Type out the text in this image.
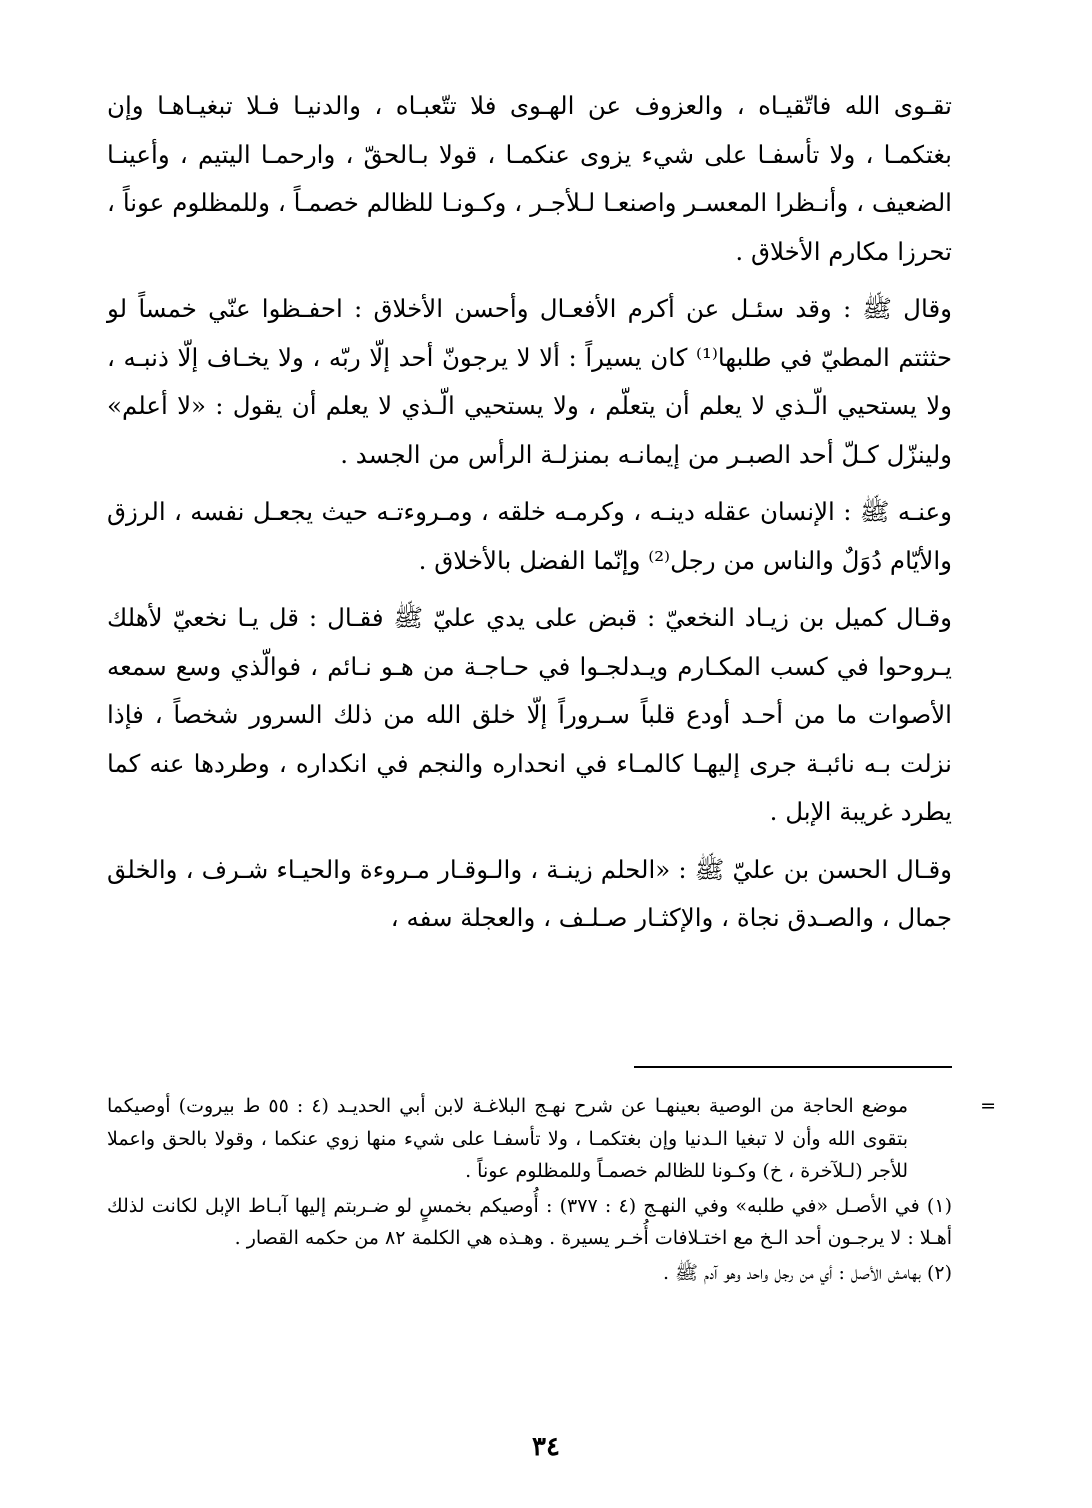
تقـوى الله فاتّقيـاه ، والعزوف عن الهـوى فلا تتّعبـاه ، والدنيـا فـلا تبغيـاهـا وإن بغتكمـا ، ولا تأسفـا على شيء يزوى عنكمـا ، قولا بـالحقّ ، وارحمـا اليتيم ، وأعينـا الضعيف ، وأنـظرا المعسـر واصنعـا لـلأجـر ، وكـونـا للظالم خصمـاً ، وللمظلوم عوناً ، تحرزا مكارم الأخلاق .

وقال ﷺ : وقد سئـل عن أكرم الأفعـال وأحسن الأخلاق : احفـظوا عنّي خمساً لو حثثتم المطيّ في طلبها⁽¹⁾ كان يسيراً : ألا لا يرجونّ أحد إلّا ربّه ، ولا يخـاف إلّا ذنبـه ، ولا يستحيي الّـذي لا يعلم أن يتعلّم ، ولا يستحيي الّـذي لا يعلم أن يقول : «لا أعلم» ولينزّل كـلّ أحد الصبـر من إيمانـه بمنزلـة الرأس من الجسد .

وعنـه ﷺ : الإنسان عقله دينـه ، وكرمـه خلقه ، ومـروءتـه حيث يجعـل نفسه ، الرزق والأيّام دُوَلٌ والناس من رجل⁽²⁾ وإنّما الفضل بالأخلاق .

وقـال كميل بن زيـاد النخعيّ : قبض على يدي عليّ ﷺ فقـال : قل يـا نخعيّ لأهلك يـروحوا في كسب المكـارم ويـدلجـوا في حـاجـة من هـو نـائم ، فوالّذي وسع سمعه الأصوات ما من أحـد أودع قلباً سـروراً إلّا خلق الله من ذلك السرور شخصاً ، فإذا نزلت بـه نائبـة جرى إليهـا كالمـاء في انحداره والنجم في انكداره ، وطردها عنه كما يطرد غريبة الإبل .

وقـال الحسن بن عليّ ﷺ : «الحلم زينـة ، والـوقـار مـروءة والحيـاء شـرف ، والخلق جمال ، والصـدق نجاة ، والإكثـار صـلـف ، والعجلة سفه ،

=
موضع الحاجة من الوصية بعينهـا عن شرح نهـج البلاغـة لابن أبي الحديـد (٤ : ٥٥ ط بيروت) أوصيكما بتقوى الله وأن لا تبغيا الـدنيا وإن بغتكمـا ، ولا تأسفـا على شيء منها زوي عنكما ، وقولا بالحق واعملا للأجر (لـلآخرة ، خ) وكـونا للظالم خصمـاً وللمظلوم عوناً .

(١) في الأصـل «في طلبه» وفي النهـج (٤ : ٣٧٧) : أُوصيكم بخمسٍ لو ضـربتم إليها آبـاط الإبل لكانت لذلك أهـلا : لا يرجـون أحد الـخ مع اختـلافات أُخـر يسيرة . وهـذه هي الكلمة ٨٢ من حكمه القصار .

(٢) بهامش الأصل : أي من رجل واحد وهو آدم ﷺ .

٣٤
